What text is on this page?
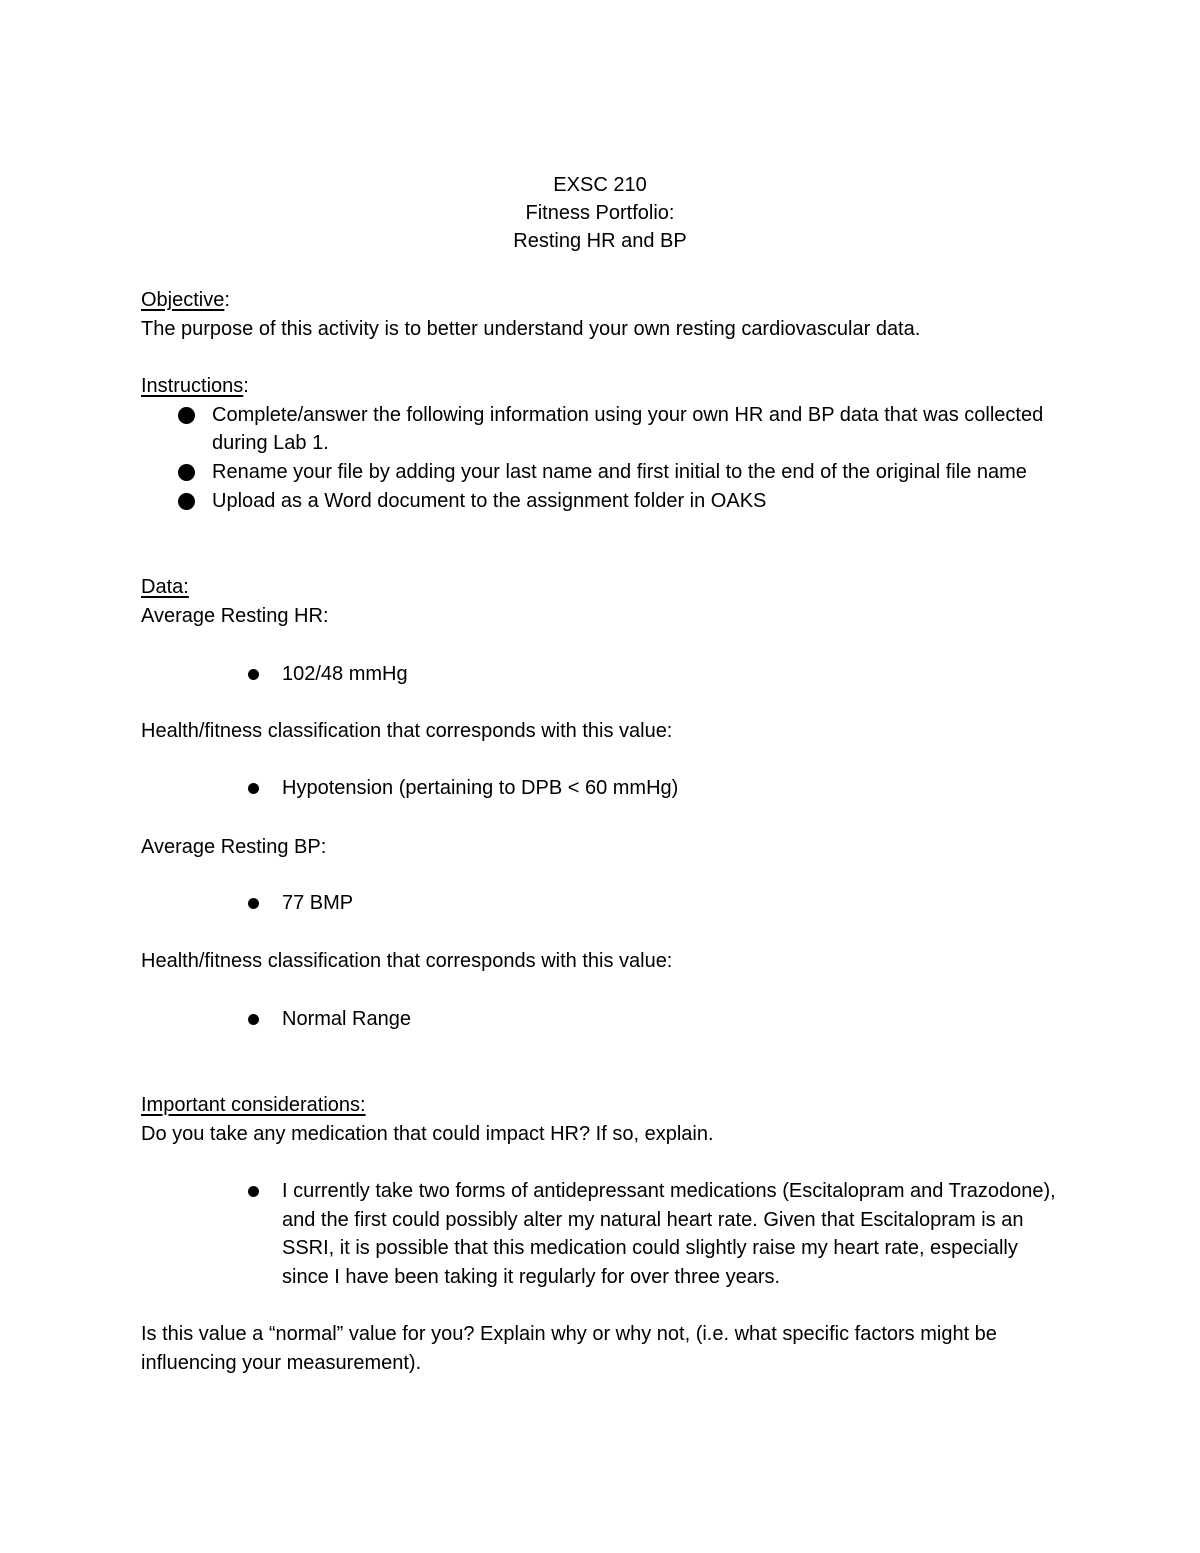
EXSC 210
Fitness Portfolio:
Resting HR and BP
Objective:
The purpose of this activity is to better understand your own resting cardiovascular data.
Instructions:
Complete/answer the following information using your own HR and BP data that was collected during Lab 1.
Rename your file by adding your last name and first initial to the end of the original file name
Upload as a Word document to the assignment folder in OAKS
Data:
Average Resting HR:
102/48 mmHg
Health/fitness classification that corresponds with this value:
Hypotension (pertaining to DPB < 60 mmHg)
Average Resting BP:
77 BMP
Health/fitness classification that corresponds with this value:
Normal Range
Important considerations:
Do you take any medication that could impact HR? If so, explain.
I currently take two forms of antidepressant medications (Escitalopram and Trazodone), and the first could possibly alter my natural heart rate. Given that Escitalopram is an SSRI, it is possible that this medication could slightly raise my heart rate, especially since I have been taking it regularly for over three years.
Is this value a “normal” value for you? Explain why or why not, (i.e. what specific factors might be influencing your measurement).
